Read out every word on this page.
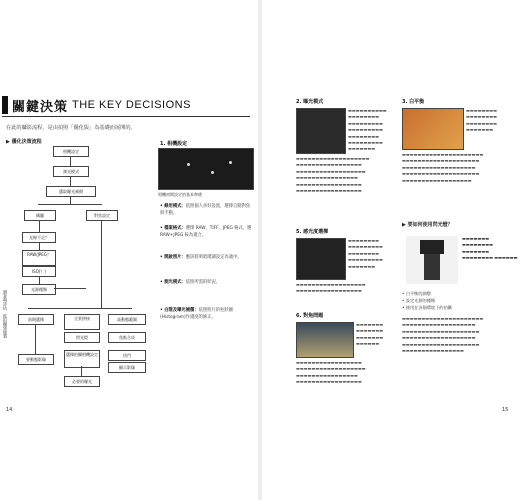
關鍵決策 THE KEY DECISIONS
在此的攝影流程，是由拍照「優化版」為基礎而展開的。
▶ 優化決策流程
相機設定
測光模式
選取曝光補償
構圖	對焦設定
光線不足？
RAW/JPEG？
ISO(？)
光源種類
前期選擇	全景拼接	高動態範圍
閃光燈	焦點合成
要動態影像
選擇拍攝相機設定	快門
顯示影像
必要的曝光
調查與評估．從拍攝到後製
1. 相機設定
相機初期設定的基本準備
• 錄用模式：依照個人喜好設置，選擇自動對焦與手動。
• 檔案格式：選擇 RAW，TIFF，JPEG 格式。選 RAW+JPEG 較為適合。
• 開啟照片：應該將明暗階調設定為適中。
• 測光模式：依照所需的狀況。
• 白階及曝光補償：依照照片的柱狀圖(Histogram)作適度的修正。
14
2. 曝光模式
▬▬▬▬▬▬▬▬▬▬ ▬▬▬▬▬▬▬▬ ▬▬▬▬▬▬▬▬▬ ▬▬▬▬▬▬▬▬▬ ▬▬▬▬▬▬▬▬ ▬▬▬▬▬▬▬▬▬ ▬▬▬▬▬▬▬
▬▬▬▬▬▬▬▬▬▬▬▬▬▬▬▬▬▬▬ ▬▬▬▬▬▬▬▬▬▬▬▬▬▬▬▬▬ ▬▬▬▬▬▬▬▬▬▬▬▬▬▬▬▬▬▬ ▬▬▬▬▬▬▬▬▬▬▬▬▬▬▬▬ ▬▬▬▬▬▬▬▬▬▬▬▬▬▬▬▬▬ ▬▬▬▬▬▬▬▬▬▬▬▬▬▬▬▬▬
5. 感光度選擇
▬▬▬▬▬▬▬▬ ▬▬▬▬▬▬▬▬▬ ▬▬▬▬▬▬▬▬ ▬▬▬▬▬▬▬▬▬ ▬▬▬▬▬▬▬
▬▬▬▬▬▬▬▬▬▬▬▬▬▬▬▬▬▬ ▬▬▬▬▬▬▬▬▬▬▬▬▬▬▬▬▬
6. 對焦問題
▬▬▬▬▬▬▬ ▬▬▬▬▬▬▬ ▬▬▬▬▬▬▬ ▬▬▬▬▬▬
▬▬▬▬▬▬▬▬▬▬▬▬▬▬▬▬▬ ▬▬▬▬▬▬▬▬▬▬▬▬▬▬▬▬▬▬ ▬▬▬▬▬▬▬▬▬▬▬▬▬▬▬▬ ▬▬▬▬▬▬▬▬▬▬▬▬▬▬▬▬▬
3. 白平衡
▬▬▬▬▬▬▬▬ ▬▬▬▬▬▬▬▬ ▬▬▬▬▬▬▬▬ ▬▬▬▬▬▬▬
▬▬▬▬▬▬▬▬▬▬▬▬▬▬▬▬▬▬▬▬▬ ▬▬▬▬▬▬▬▬▬▬▬▬▬▬▬▬▬▬▬▬ ▬▬▬▬▬▬▬▬▬▬▬▬▬▬▬▬▬▬▬ ▬▬▬▬▬▬▬▬▬▬▬▬▬▬▬▬▬▬▬▬ ▬▬▬▬▬▬▬▬▬▬▬▬▬▬▬▬▬▬
▶ 要如何使用閃光燈？
▬▬▬▬▬▬▬ ▬▬▬▬▬▬▬▬ ▬▬▬▬▬▬▬ ▬▬▬▬▬▬▬▬ ▬▬▬▬▬▬
• 白平衡的調整
• 設定光源的種類
• 使用在各個環境下的拍攝
▬▬▬▬▬▬▬▬▬▬▬▬▬▬▬▬▬▬▬▬▬ ▬▬▬▬▬▬▬▬▬▬▬▬▬▬▬▬▬▬▬ ▬▬▬▬▬▬▬▬▬▬▬▬▬▬▬▬▬▬▬▬ ▬▬▬▬▬▬▬▬▬▬▬▬▬▬▬▬▬▬▬ ▬▬▬▬▬▬▬▬▬▬▬▬▬▬▬▬▬▬▬▬ ▬▬▬▬▬▬▬▬▬▬▬▬▬▬▬▬
15
